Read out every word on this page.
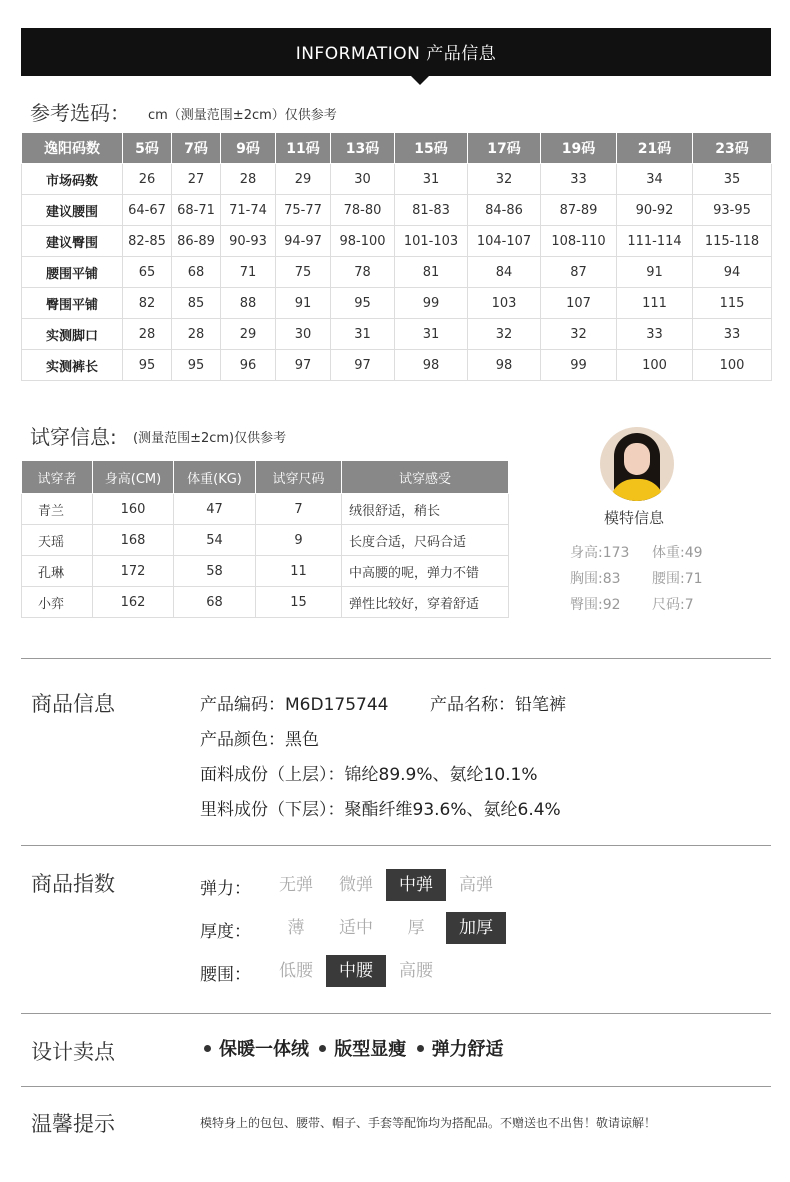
INFORMATION 产品信息
参考选码： cm（测量范围±2cm）仅供参考
逸阳码数	5码	7码	9码	11码	13码	15码	17码	19码	21码	23码
市场码数	26	27	28	29	30	31	32	33	34	35
建议腰围	64-67	68-71	71-74	75-77	78-80	81-83	84-86	87-89	90-92	93-95
建议臀围	82-85	86-89	90-93	94-97	98-100	101-103	104-107	108-110	111-114	115-118
腰围平铺	65	68	71	75	78	81	84	87	91	94
臀围平铺	82	85	88	91	95	99	103	107	111	115
实测脚口	28	28	29	30	31	31	32	32	33	33
实测裤长	95	95	96	97	97	98	98	99	100	100
试穿信息: (测量范围±2cm)仅供参考
试穿者	身高(CM)	体重(KG)	试穿尺码	试穿感受
青兰	160	47	7	绒很舒适，稍长
天瑶	168	54	9	长度合适，尺码合适
孔琳	172	58	11	中高腰的呢，弹力不错
小弈	162	68	15	弹性比较好，穿着舒适
模特信息
身高:173 体重:49
胸围:83 腰围:71
臀围:92 尺码:7
商品信息	产品编码：M6D175744 产品名称：铅笔裤
产品颜色：黑色
面料成份（上层）：锦纶89.9%、氨纶10.1%
里料成份（下层）：聚酯纤维93.6%、氨纶6.4%
商品指数	弹力：	无弹	微弹	中弹	高弹
厚度：	薄	适中	厚	加厚
腰围：	低腰	中腰	高腰
设计卖点	保暖一体绒 版型显瘦 弹力舒适
温馨提示	模特身上的包包、腰带、帽子、手套等配饰均为搭配品。不赠送也不出售！敬请谅解！
